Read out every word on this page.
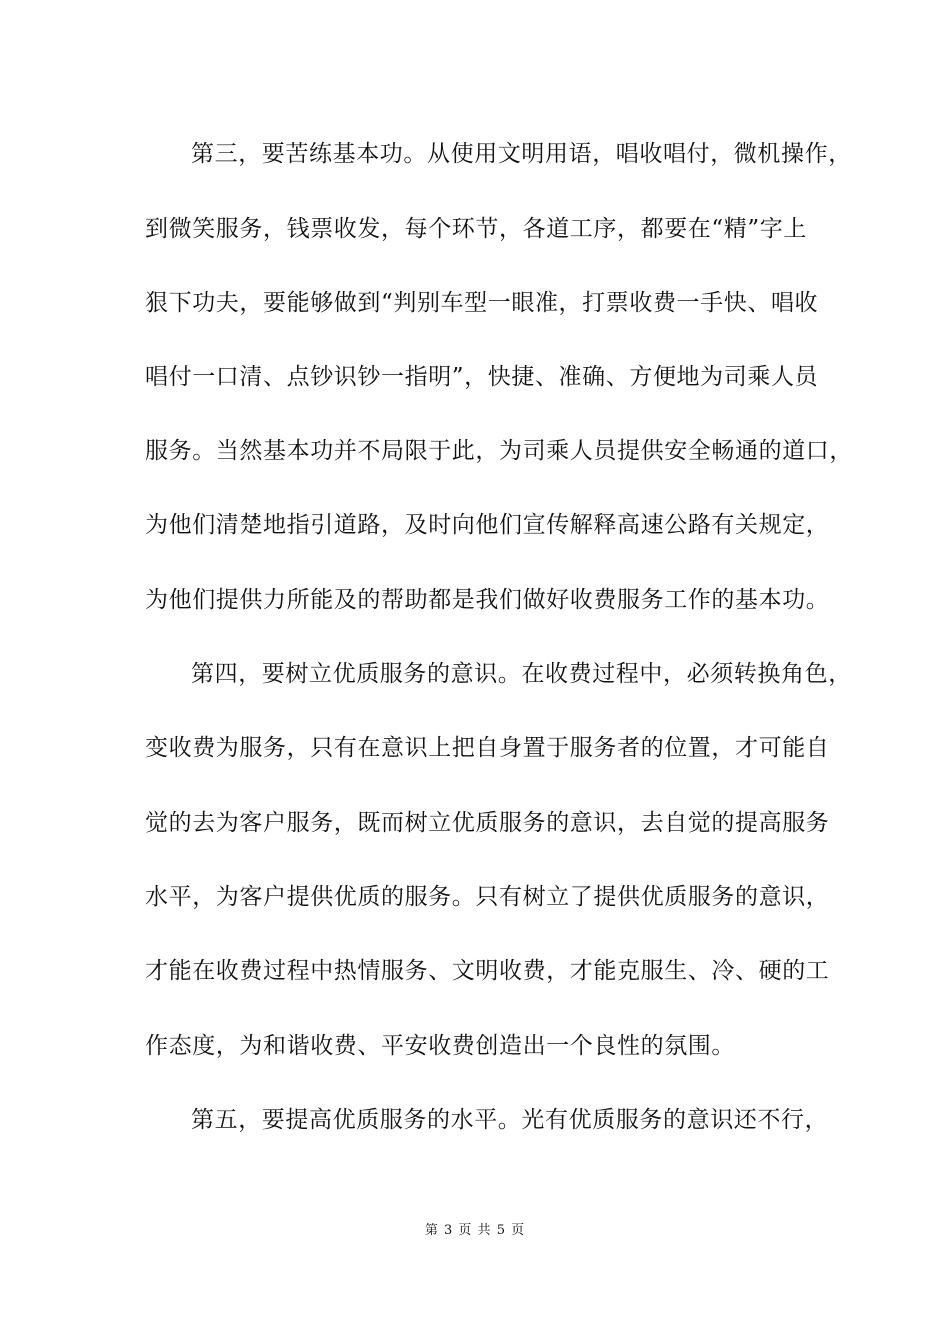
第三，要苦练基本功。从使用文明用语，唱收唱付，微机操作，
到微笑服务，钱票收发，每个环节，各道工序，都要在“精”字上
狠下功夫，要能够做到“判别车型一眼准，打票收费一手快、唱收
唱付一口清、点钞识钞一指明”，快捷、准确、方便地为司乘人员
服务。当然基本功并不局限于此，为司乘人员提供安全畅通的道口，
为他们清楚地指引道路，及时向他们宣传解释高速公路有关规定，
为他们提供力所能及的帮助都是我们做好收费服务工作的基本功。
第四，要树立优质服务的意识。在收费过程中，必须转换角色，
变收费为服务，只有在意识上把自身置于服务者的位置，才可能自
觉的去为客户服务，既而树立优质服务的意识，去自觉的提高服务
水平，为客户提供优质的服务。只有树立了提供优质服务的意识，
才能在收费过程中热情服务、文明收费，才能克服生、冷、硬的工
作态度，为和谐收费、平安收费创造出一个良性的氛围。
第五，要提高优质服务的水平。光有优质服务的意识还不行，
第 3 页 共 5 页
